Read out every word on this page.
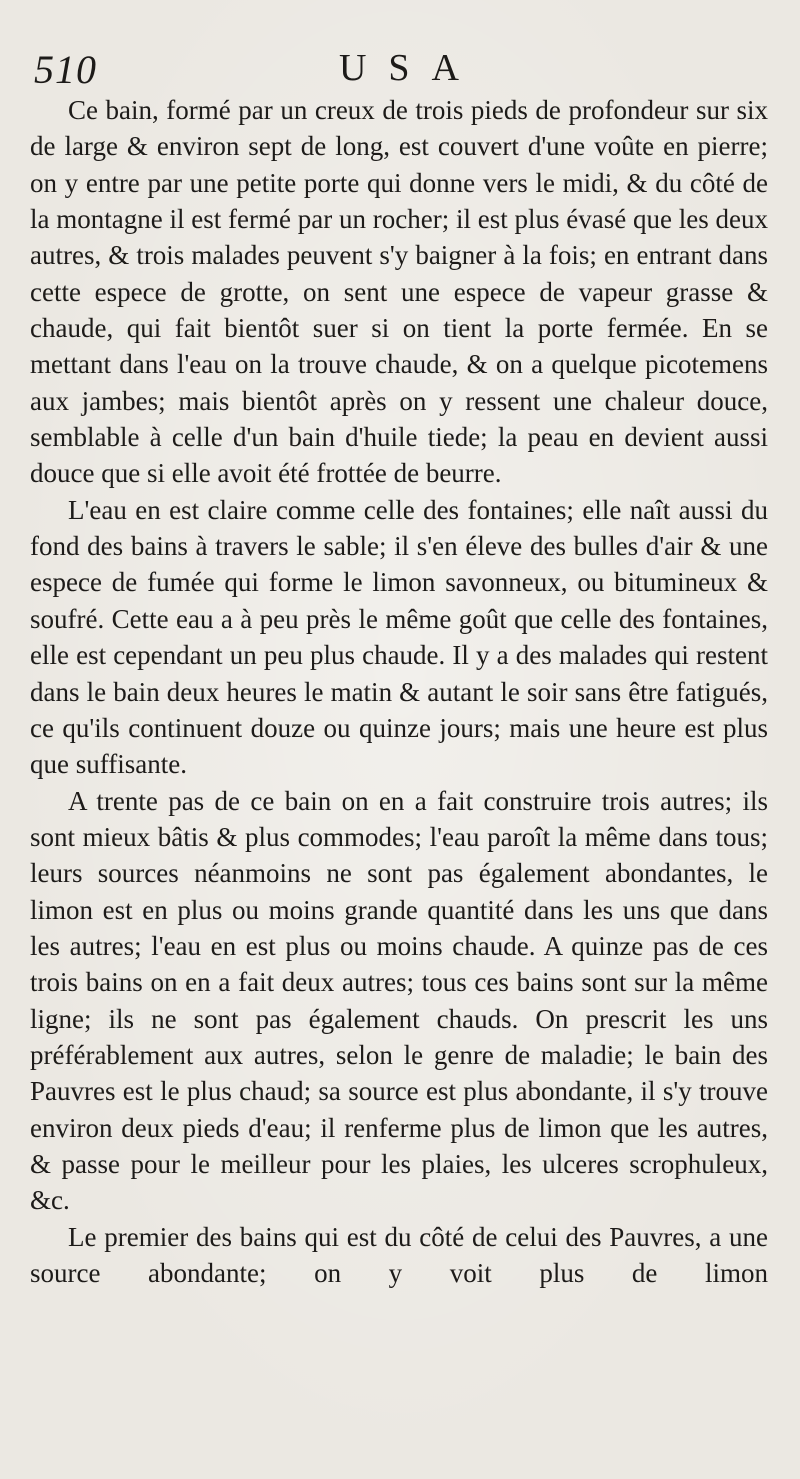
510	USA

Ce bain, formé par un creux de trois pieds de profondeur sur six de large & environ sept de long, est couvert d'une voûte en pierre; on y entre par une petite porte qui donne vers le midi, & du côté de la montagne il est fermé par un rocher; il est plus évasé que les deux autres, & trois malades peuvent s'y baigner à la fois; en entrant dans cette espece de grotte, on sent une espece de vapeur grasse & chaude, qui fait bientôt suer si on tient la porte fermée. En se mettant dans l'eau on la trouve chaude, & on a quelque picotemens aux jambes; mais bientôt après on y ressent une chaleur douce, semblable à celle d'un bain d'huile tiede; la peau en devient aussi douce que si elle avoit été frottée de beurre.

L'eau en est claire comme celle des fontaines; elle naît aussi du fond des bains à travers le sable; il s'en éleve des bulles d'air & une espece de fumée qui forme le limon savonneux, ou bitumineux & soufré. Cette eau a à peu près le même goût que celle des fontaines, elle est cependant un peu plus chaude. Il y a des malades qui restent dans le bain deux heures le matin & autant le soir sans être fatigués, ce qu'ils continuent douze ou quinze jours; mais une heure est plus que suffisante.

A trente pas de ce bain on en a fait construire trois autres; ils sont mieux bâtis & plus commodes; l'eau paroît la même dans tous; leurs sources néanmoins ne sont pas également abondantes, le limon est en plus ou moins grande quantité dans les uns que dans les autres; l'eau en est plus ou moins chaude. A quinze pas de ces trois bains on en a fait deux autres; tous ces bains sont sur la même ligne; ils ne sont pas également chauds. On prescrit les uns préférablement aux autres, selon le genre de maladie; le bain des Pauvres est le plus chaud; sa source est plus abondante, il s'y trouve environ deux pieds d'eau; il renferme plus de limon que les autres, & passe pour le meilleur pour les plaies, les ulceres scrophuleux, &c.

Le premier des bains qui est du côté de celui des Pauvres, a une source abondante; on y voit plus de limon
